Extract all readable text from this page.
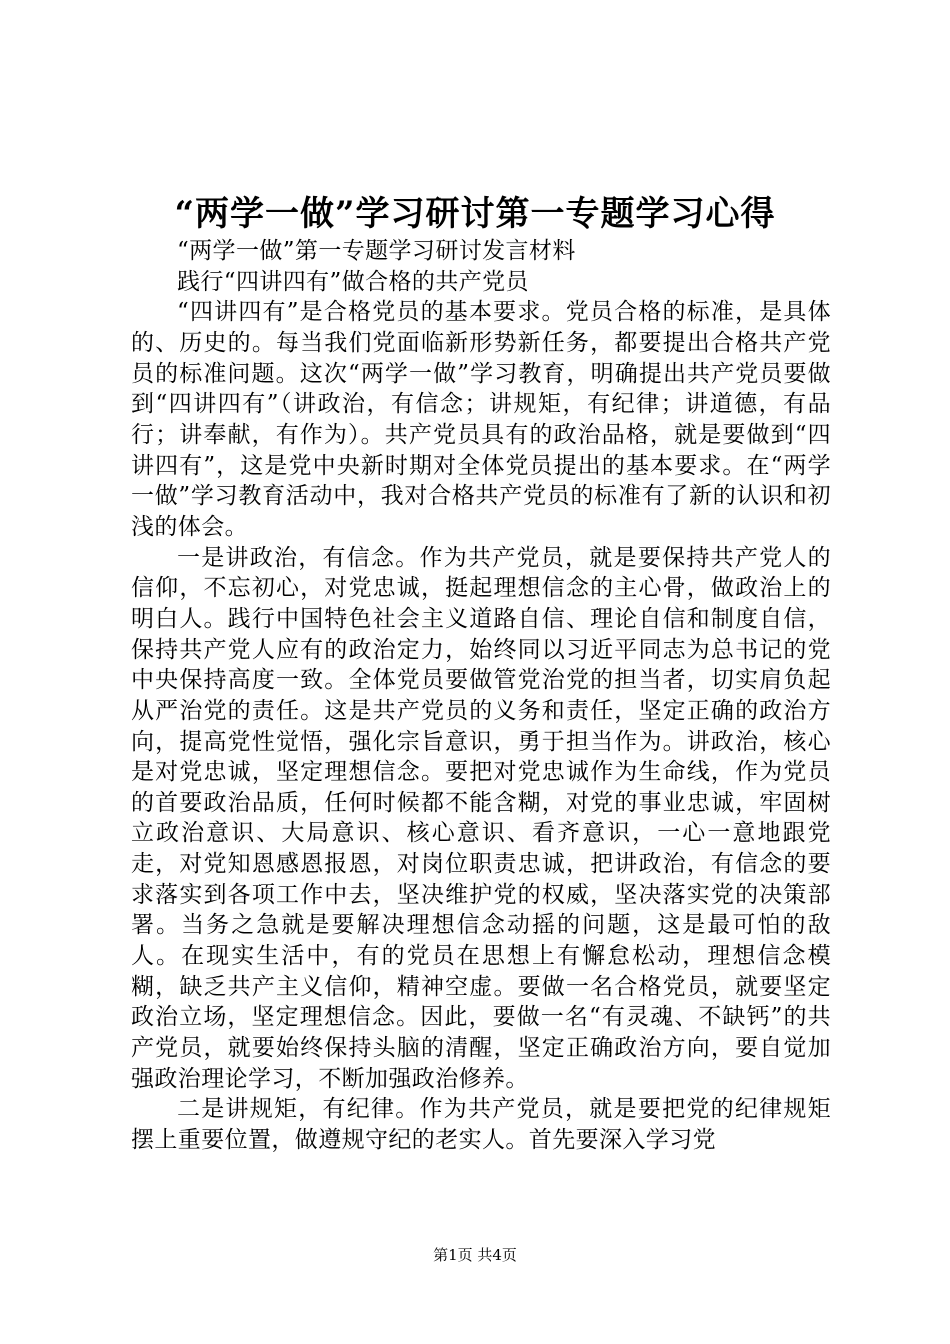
“两学一做”学习研讨第一专题学习心得

“两学一做”第一专题学习研讨发言材料

践行“四讲四有”做合格的共产党员

“四讲四有”是合格党员的基本要求。党员合格的标准，是具体的、历史的。每当我们党面临新形势新任务，都要提出合格共产党员的标准问题。这次“两学一做”学习教育，明确提出共产党员要做到“四讲四有”（讲政治，有信念；讲规矩，有纪律；讲道德，有品行；讲奉献，有作为）。共产党员具有的政治品格，就是要做到“四讲四有”，这是党中央新时期对全体党员提出的基本要求。在“两学一做”学习教育活动中，我对合格共产党员的标准有了新的认识和初浅的体会。

一是讲政治，有信念。作为共产党员，就是要保持共产党人的信仰，不忘初心，对党忠诚，挺起理想信念的主心骨，做政治上的明白人。践行中国特色社会主义道路自信、理论自信和制度自信，保持共产党人应有的政治定力，始终同以习近平同志为总书记的党中央保持高度一致。全体党员要做管党治党的担当者，切实肩负起从严治党的责任。这是共产党员的义务和责任，坚定正确的政治方向，提高党性觉悟，强化宗旨意识，勇于担当作为。讲政治，核心是对党忠诚，坚定理想信念。要把对党忠诚作为生命线，作为党员的首要政治品质，任何时候都不能含糊，对党的事业忠诚，牢固树立政治意识、大局意识、核心意识、看齐意识，一心一意地跟党走，对党知恩感恩报恩，对岗位职责忠诚，把讲政治，有信念的要求落实到各项工作中去，坚决维护党的权威，坚决落实党的决策部署。当务之急就是要解决理想信念动摇的问题，这是最可怕的敌人。在现实生活中，有的党员在思想上有懈怠松动，理想信念模糊，缺乏共产主义信仰，精神空虚。要做一名合格党员，就要坚定政治立场，坚定理想信念。因此，要做一名“有灵魂、不缺钙”的共产党员，就要始终保持头脑的清醒，坚定正确政治方向，要自觉加强政治理论学习，不断加强政治修养。

二是讲规矩，有纪律。作为共产党员，就是要把党的纪律规矩摆上重要位置，做遵规守纪的老实人。首先要深入学习党

第1页 共4页
